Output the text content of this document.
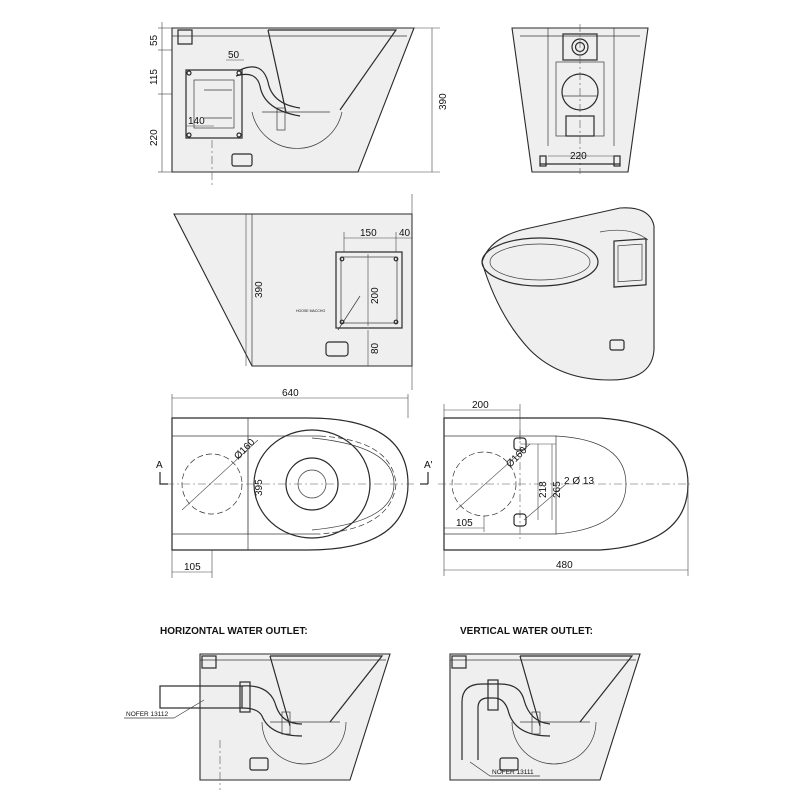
55
115
220
50
140
390
220
HOOSE MACCHO
390
150 40
200
80
Ø160
395
640
105
A	A'	Ø160
218 265 2 Ø 13
200
105
480
HORIZONTAL WATER OUTLET:	VERTICAL WATER OUTLET:
NOFER 13112
NOFER 13111
